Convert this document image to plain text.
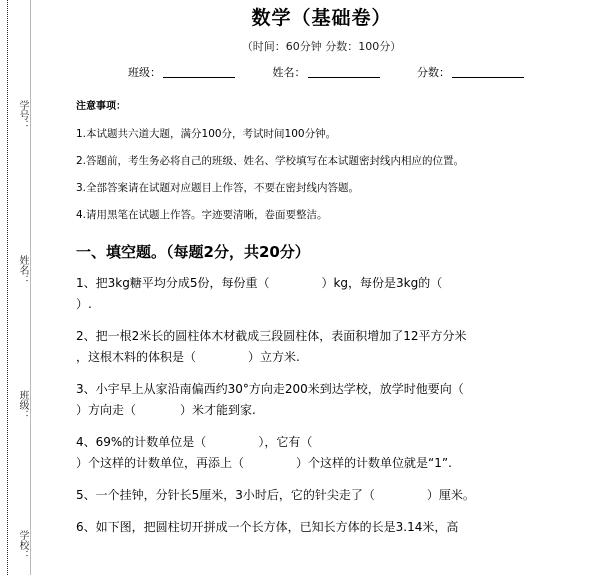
学号：
姓名：
班级：
学校：
数学（基础卷）
（时间：60分钟 分数：100分）
班级：	姓名：	分数：
注意事项：
1.本试题共六道大题，满分100分，考试时间100分钟。
2.答题前，考生务必将自己的班级、姓名、学校填写在本试题密封线内相应的位置。
3.全部答案请在试题对应题目上作答，不要在密封线内答题。
4.请用黑笔在试题上作答。字迹要清晰，卷面要整洁。
一、填空题。（每题2分，共20分）
1、把3kg糖平均分成5份，每份重（	）kg，每份是3kg的（
）.
2、把一根2米长的圆柱体木材截成三段圆柱体，表面积增加了12平方分米
，这根木料的体积是（	）立方米.
3、小宇早上从家沿南偏西约30°方向走200米到达学校，放学时他要向（
）方向走（	）米才能到家.
4、69%的计数单位是（	），它有（
）个这样的计数单位，再添上（	）个这样的计数单位就是“1”.
5、一个挂钟，分针长5厘米，3小时后，它的针尖走了（	）厘米。
6、如下图，把圆柱切开拼成一个长方体，已知长方体的长是3.14米，高
